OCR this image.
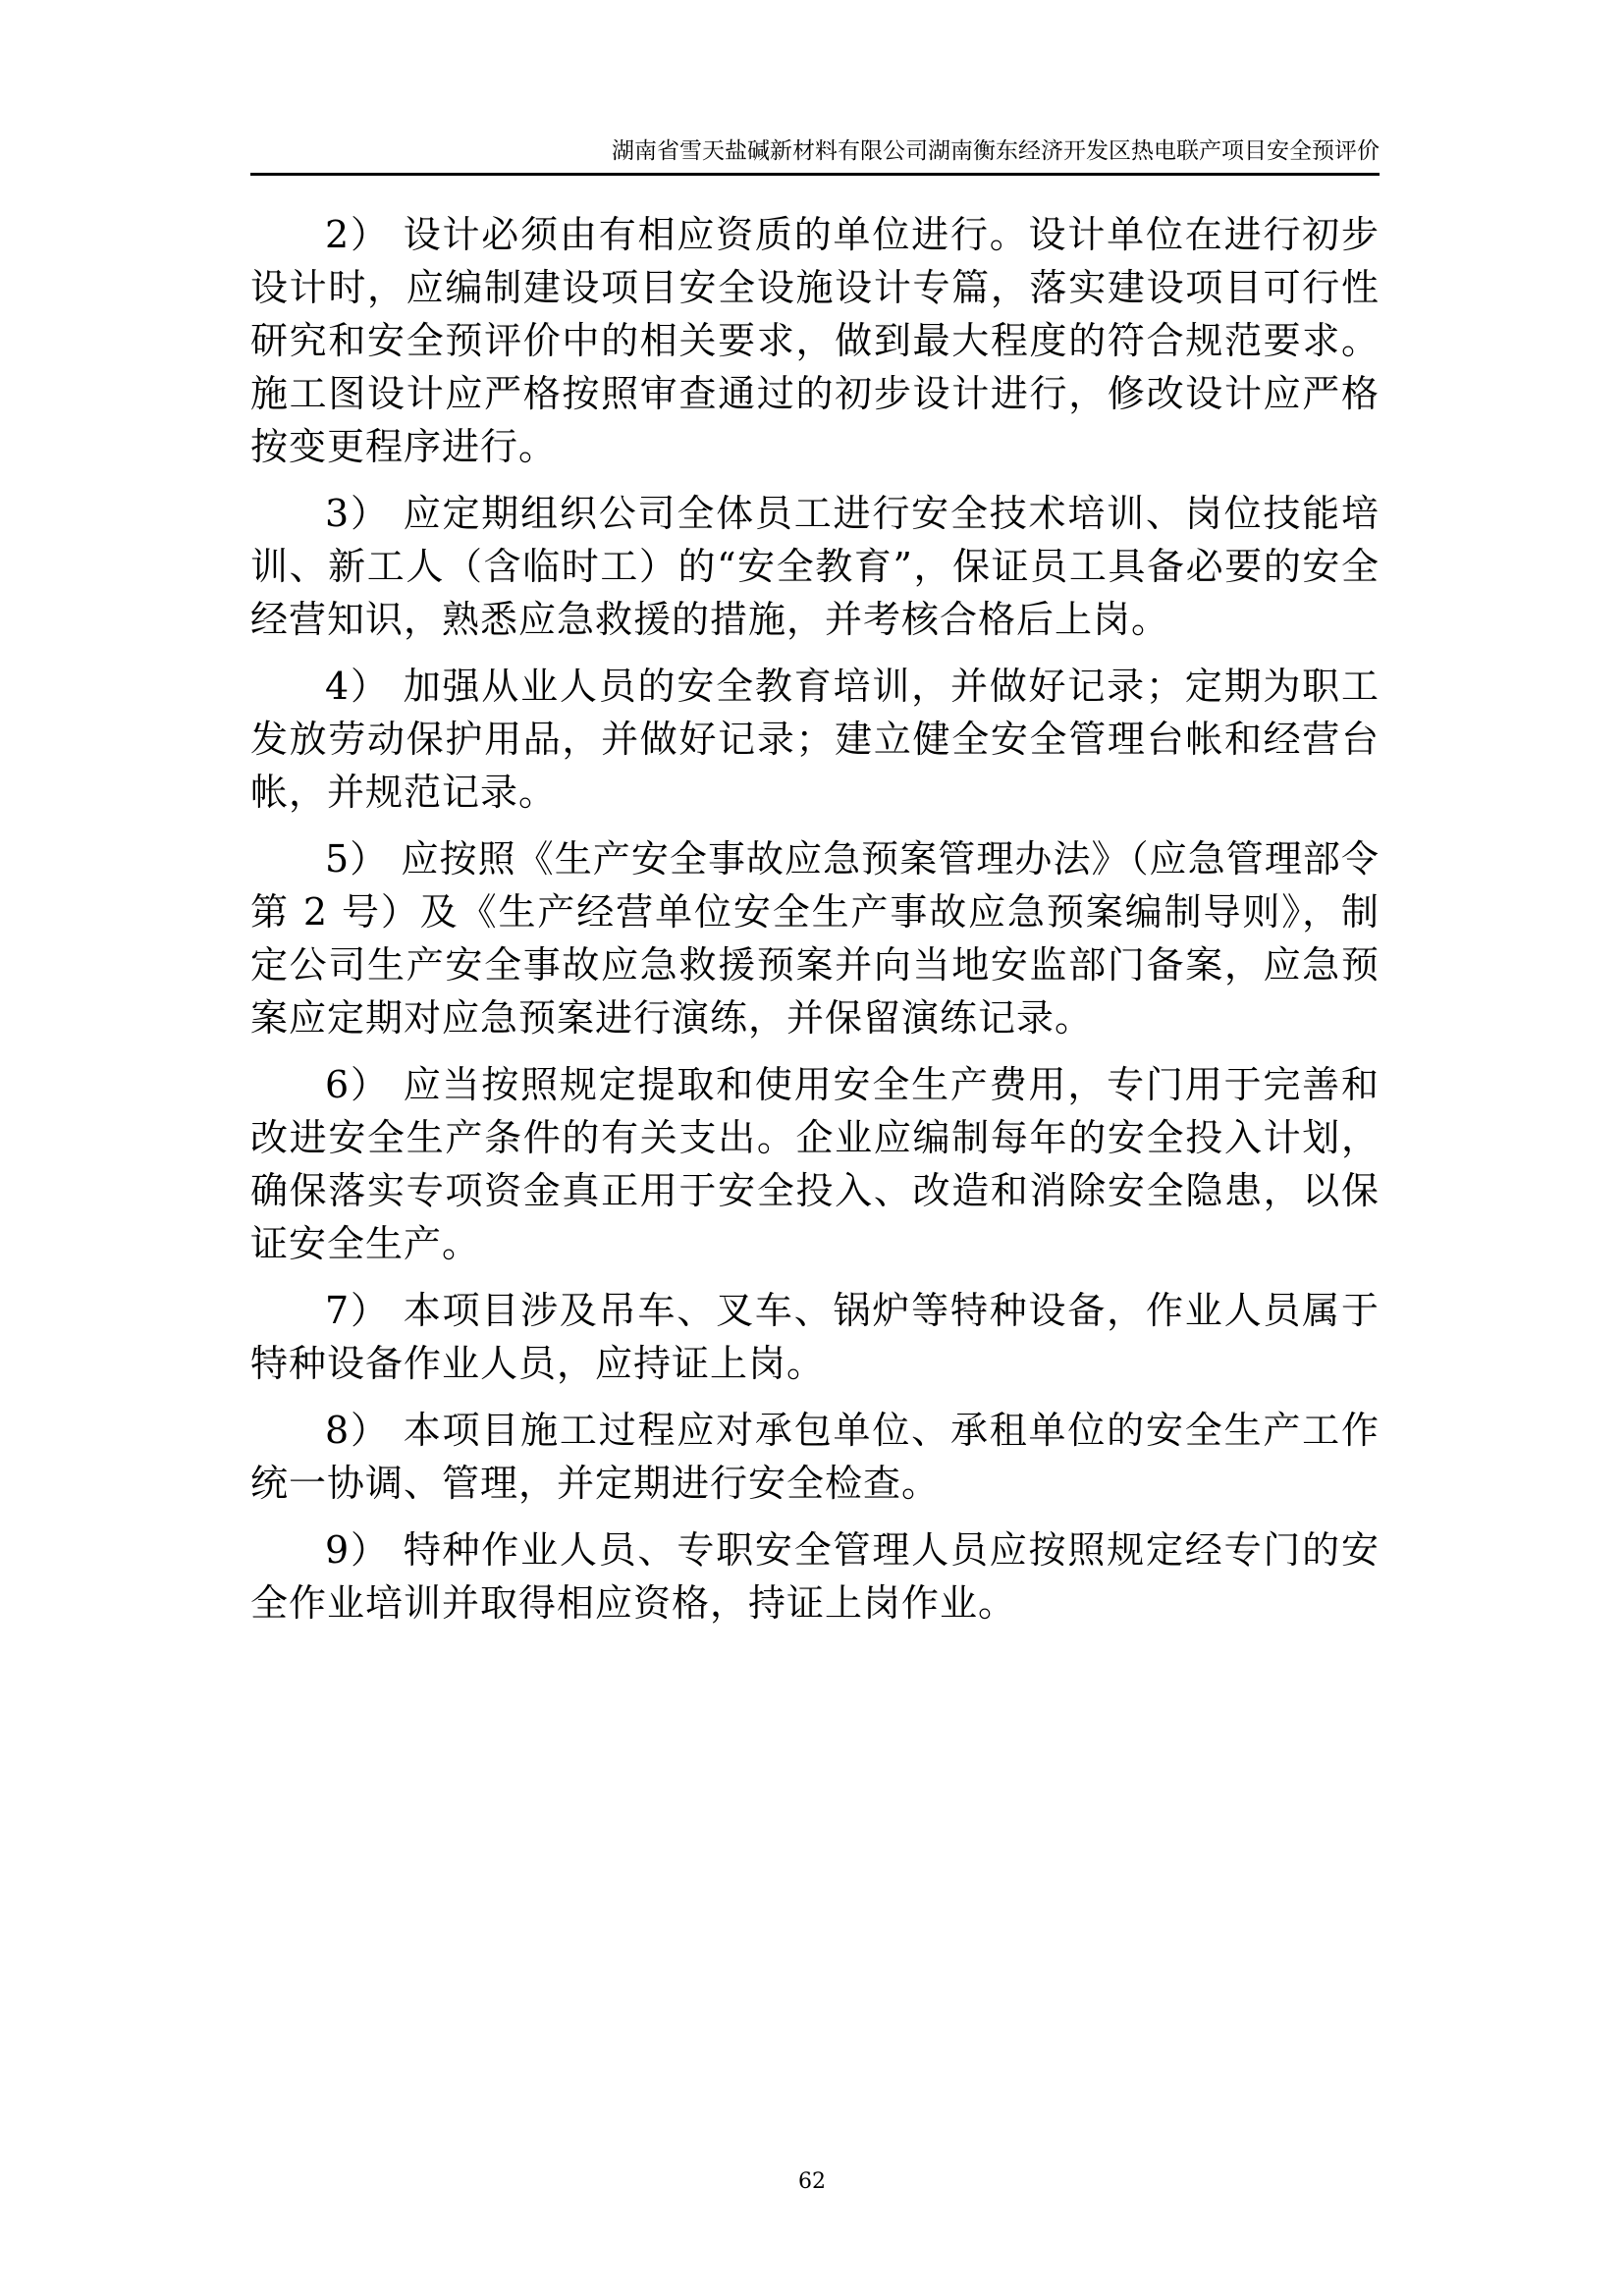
湖南省雪天盐碱新材料有限公司湖南衡东经济开发区热电联产项目安全预评价

2） 设计必须由有相应资质的单位进行。设计单位在进行初步设计时，应编制建设项目安全设施设计专篇，落实建设项目可行性研究和安全预评价中的相关要求，做到最大程度的符合规范要求。施工图设计应严格按照审查通过的初步设计进行，修改设计应严格按变更程序进行。

3） 应定期组织公司全体员工进行安全技术培训、岗位技能培训、新工人（含临时工）的“安全教育”，保证员工具备必要的安全经营知识，熟悉应急救援的措施，并考核合格后上岗。

4） 加强从业人员的安全教育培训，并做好记录；定期为职工发放劳动保护用品，并做好记录；建立健全安全管理台帐和经营台帐，并规范记录。

5） 应按照《生产安全事故应急预案管理办法》（应急管理部令第 2 号）及《生产经营单位安全生产事故应急预案编制导则》，制定公司生产安全事故应急救援预案并向当地安监部门备案，应急预案应定期对应急预案进行演练，并保留演练记录。

6） 应当按照规定提取和使用安全生产费用，专门用于完善和改进安全生产条件的有关支出。企业应编制每年的安全投入计划，确保落实专项资金真正用于安全投入、改造和消除安全隐患，以保证安全生产。

7） 本项目涉及吊车、叉车、锅炉等特种设备，作业人员属于特种设备作业人员，应持证上岗。

8） 本项目施工过程应对承包单位、承租单位的安全生产工作统一协调、管理，并定期进行安全检查。

9） 特种作业人员、专职安全管理人员应按照规定经专门的安全作业培训并取得相应资格，持证上岗作业。

62
